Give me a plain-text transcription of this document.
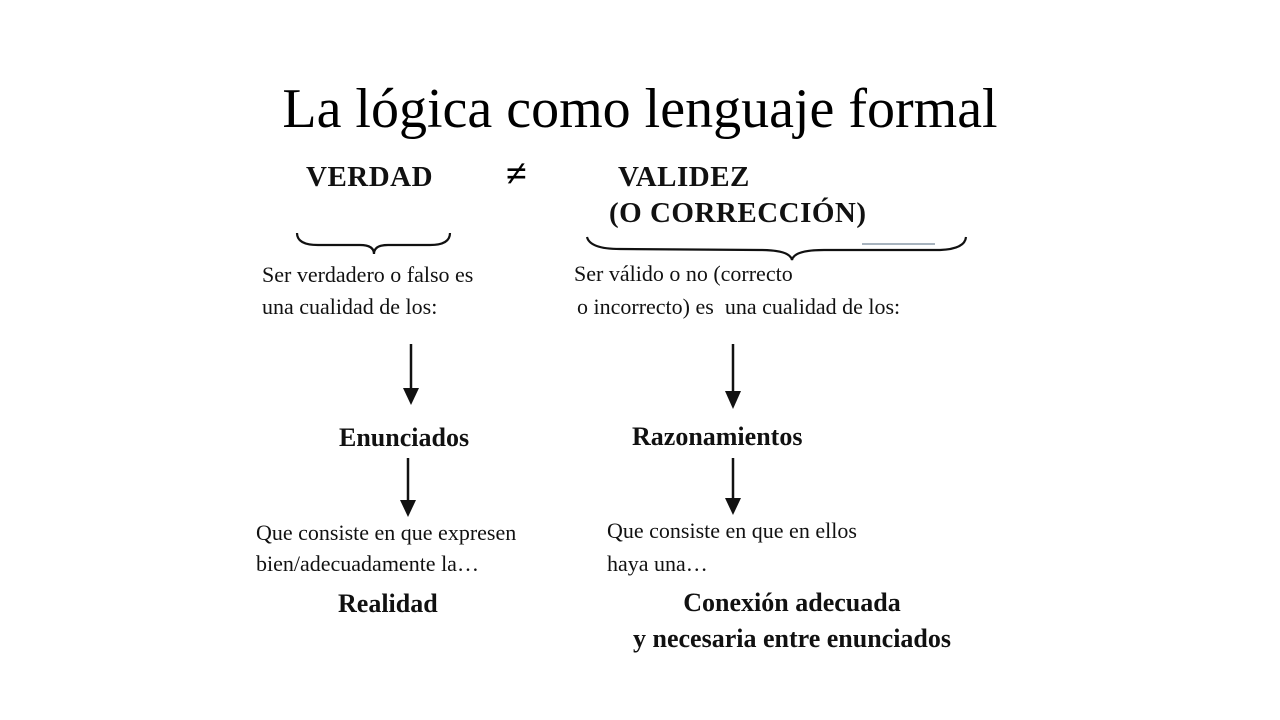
La lógica como lenguaje formal
VERDAD ≠	VALIDEZ
(O CORRECCIÓN)
Ser verdadero o falso es
una cualidad de los:
Ser válido o no (correcto
o incorrecto) es  una cualidad de los:
Enunciados	Razonamientos
Que consiste en que expresen
bien/adecuadamente la…
Que consiste en que en ellos
haya una…
Realidad	Conexión adecuada
y necesaria entre enunciados
